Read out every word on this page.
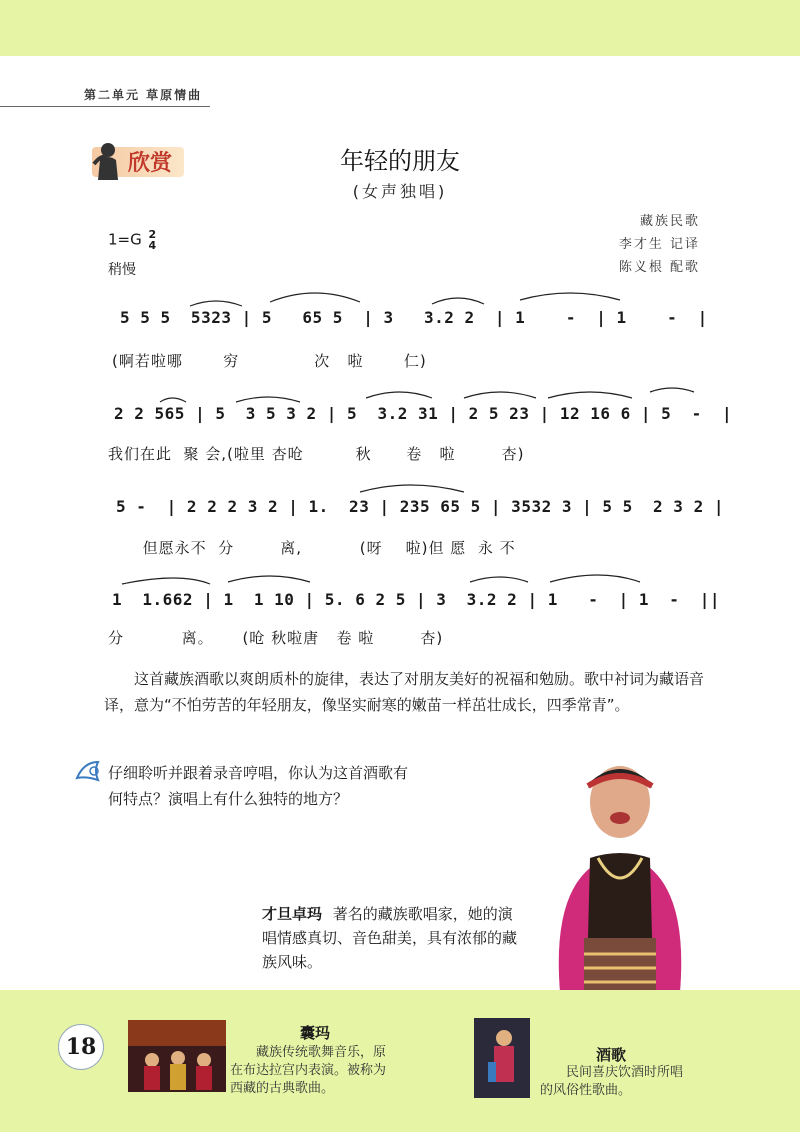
第二单元 草原情曲
欣赏	年轻的朋友
(女声独唱)
1=G 2
4
稍慢
藏族民歌
李才生 记译
陈义根 配歌
5 5 5  5323 | 5   65 5  | 3   3.2 2  | 1    -  | 1    -  |
(啊若啦哪       穷             次   啦       仁)
2 2 565 | 5  3 5 3 2 | 5  3.2 31 | 2 5 23 | 12 16 6 | 5  -  |
我们在此  聚 会,(啦里 杏呛         秋      卷   啦        杏)
5 -  | 2 2 2 3 2 | 1.  23 | 235 65 5 | 3532 3 | 5 5  2 3 2 |
但愿永不  分        离,          (呀    啦)但 愿  永 不
1  1.662 | 1  1 10 | 5. 6 2 5 | 3  3.2 2 | 1   -  | 1  -  ||
分          离。     (呛 秋啦唐   卷 啦        杏)
这首藏族酒歌以爽朗质朴的旋律，表达了对朋友美好的祝福和勉励。歌中衬词为藏语音译，意为“不怕劳苦的年轻朋友，像坚实耐寒的嫩苗一样茁壮成长，四季常青”。
仔细聆听并跟着录音哼唱，你认为这首酒歌有何特点？演唱上有什么独特的地方？
才旦卓玛 著名的藏族歌唱家，她的演唱情感真切、音色甜美，具有浓郁的藏族风味。
18
囊玛
藏族传统歌舞音乐，原在布达拉宫内表演。被称为西藏的古典歌曲。
酒歌
民间喜庆饮酒时所唱的风俗性歌曲。
